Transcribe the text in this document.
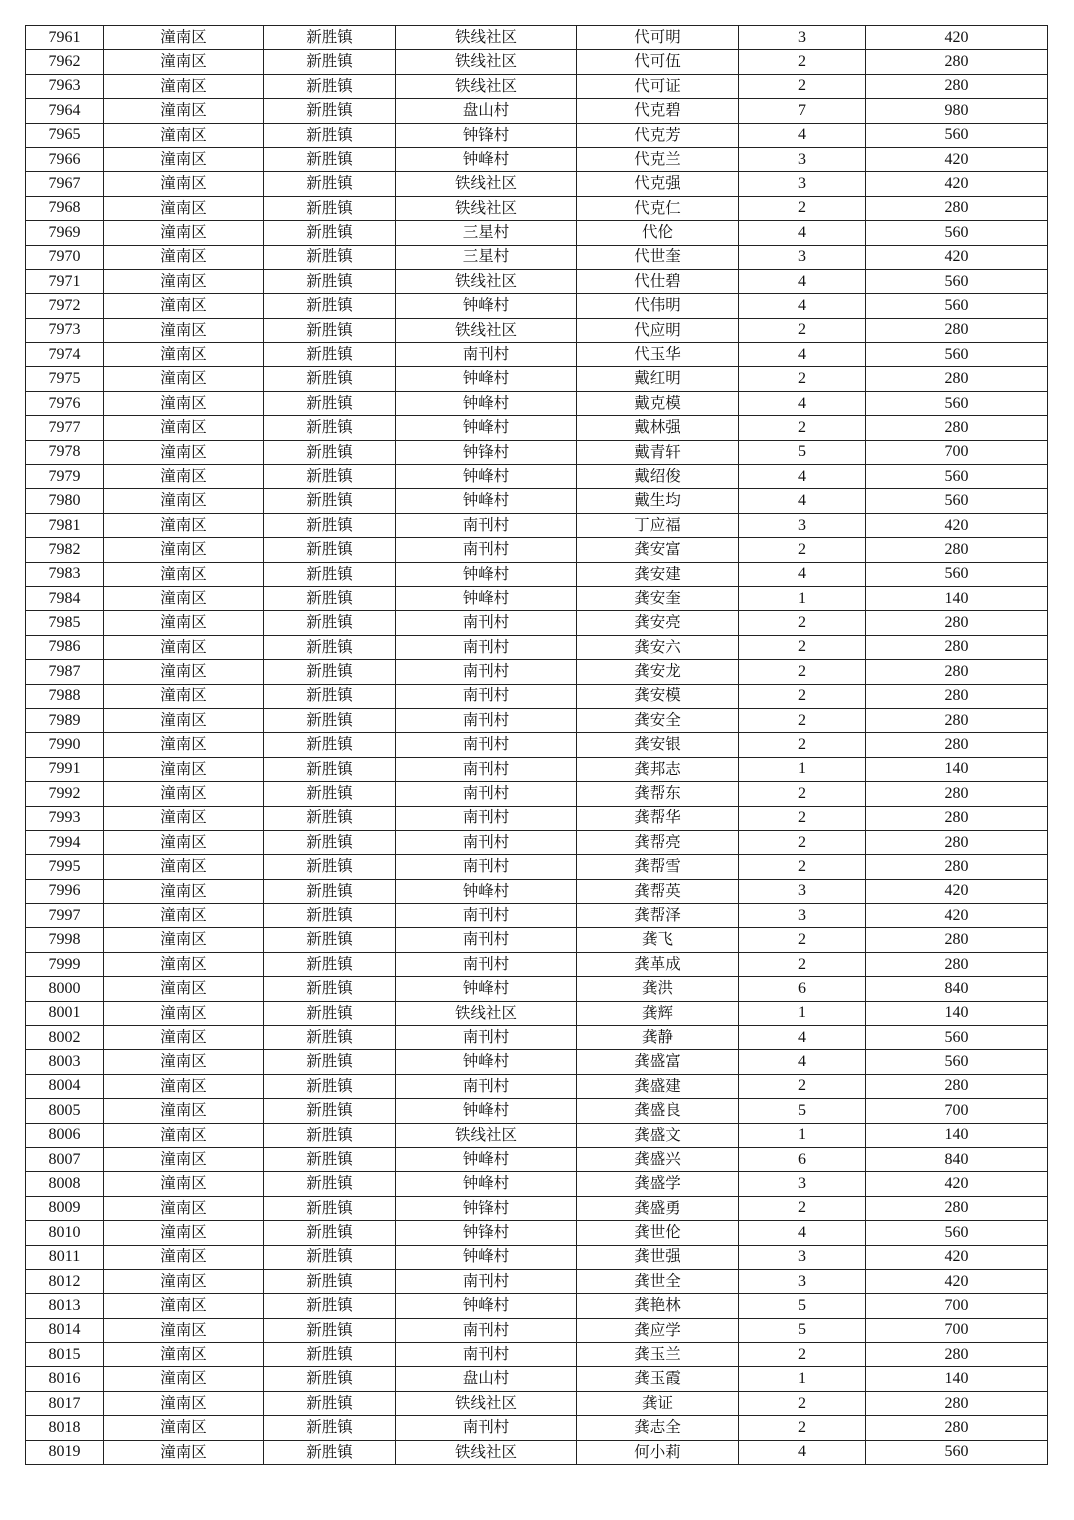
7961	潼南区	新胜镇	铁线社区	代可明	3	420
7962	潼南区	新胜镇	铁线社区	代可伍	2	280
7963	潼南区	新胜镇	铁线社区	代可证	2	280
7964	潼南区	新胜镇	盘山村	代克碧	7	980
7965	潼南区	新胜镇	钟锋村	代克芳	4	560
7966	潼南区	新胜镇	钟峰村	代克兰	3	420
7967	潼南区	新胜镇	铁线社区	代克强	3	420
7968	潼南区	新胜镇	铁线社区	代克仁	2	280
7969	潼南区	新胜镇	三星村	代伦	4	560
7970	潼南区	新胜镇	三星村	代世奎	3	420
7971	潼南区	新胜镇	铁线社区	代仕碧	4	560
7972	潼南区	新胜镇	钟峰村	代伟明	4	560
7973	潼南区	新胜镇	铁线社区	代应明	2	280
7974	潼南区	新胜镇	南刊村	代玉华	4	560
7975	潼南区	新胜镇	钟峰村	戴红明	2	280
7976	潼南区	新胜镇	钟峰村	戴克模	4	560
7977	潼南区	新胜镇	钟峰村	戴林强	2	280
7978	潼南区	新胜镇	钟锋村	戴青轩	5	700
7979	潼南区	新胜镇	钟峰村	戴绍俊	4	560
7980	潼南区	新胜镇	钟峰村	戴生均	4	560
7981	潼南区	新胜镇	南刊村	丁应福	3	420
7982	潼南区	新胜镇	南刊村	龚安富	2	280
7983	潼南区	新胜镇	钟峰村	龚安建	4	560
7984	潼南区	新胜镇	钟峰村	龚安奎	1	140
7985	潼南区	新胜镇	南刊村	龚安亮	2	280
7986	潼南区	新胜镇	南刊村	龚安六	2	280
7987	潼南区	新胜镇	南刊村	龚安龙	2	280
7988	潼南区	新胜镇	南刊村	龚安模	2	280
7989	潼南区	新胜镇	南刊村	龚安全	2	280
7990	潼南区	新胜镇	南刊村	龚安银	2	280
7991	潼南区	新胜镇	南刊村	龚邦志	1	140
7992	潼南区	新胜镇	南刊村	龚帮东	2	280
7993	潼南区	新胜镇	南刊村	龚帮华	2	280
7994	潼南区	新胜镇	南刊村	龚帮亮	2	280
7995	潼南区	新胜镇	南刊村	龚帮雪	2	280
7996	潼南区	新胜镇	钟峰村	龚帮英	3	420
7997	潼南区	新胜镇	南刊村	龚帮泽	3	420
7998	潼南区	新胜镇	南刊村	龚飞	2	280
7999	潼南区	新胜镇	南刊村	龚革成	2	280
8000	潼南区	新胜镇	钟峰村	龚洪	6	840
8001	潼南区	新胜镇	铁线社区	龚辉	1	140
8002	潼南区	新胜镇	南刊村	龚静	4	560
8003	潼南区	新胜镇	钟峰村	龚盛富	4	560
8004	潼南区	新胜镇	南刊村	龚盛建	2	280
8005	潼南区	新胜镇	钟峰村	龚盛良	5	700
8006	潼南区	新胜镇	铁线社区	龚盛文	1	140
8007	潼南区	新胜镇	钟峰村	龚盛兴	6	840
8008	潼南区	新胜镇	钟峰村	龚盛学	3	420
8009	潼南区	新胜镇	钟锋村	龚盛勇	2	280
8010	潼南区	新胜镇	钟锋村	龚世伦	4	560
8011	潼南区	新胜镇	钟峰村	龚世强	3	420
8012	潼南区	新胜镇	南刊村	龚世全	3	420
8013	潼南区	新胜镇	钟峰村	龚艳林	5	700
8014	潼南区	新胜镇	南刊村	龚应学	5	700
8015	潼南区	新胜镇	南刊村	龚玉兰	2	280
8016	潼南区	新胜镇	盘山村	龚玉霞	1	140
8017	潼南区	新胜镇	铁线社区	龚证	2	280
8018	潼南区	新胜镇	南刊村	龚志全	2	280
8019	潼南区	新胜镇	铁线社区	何小莉	4	560
